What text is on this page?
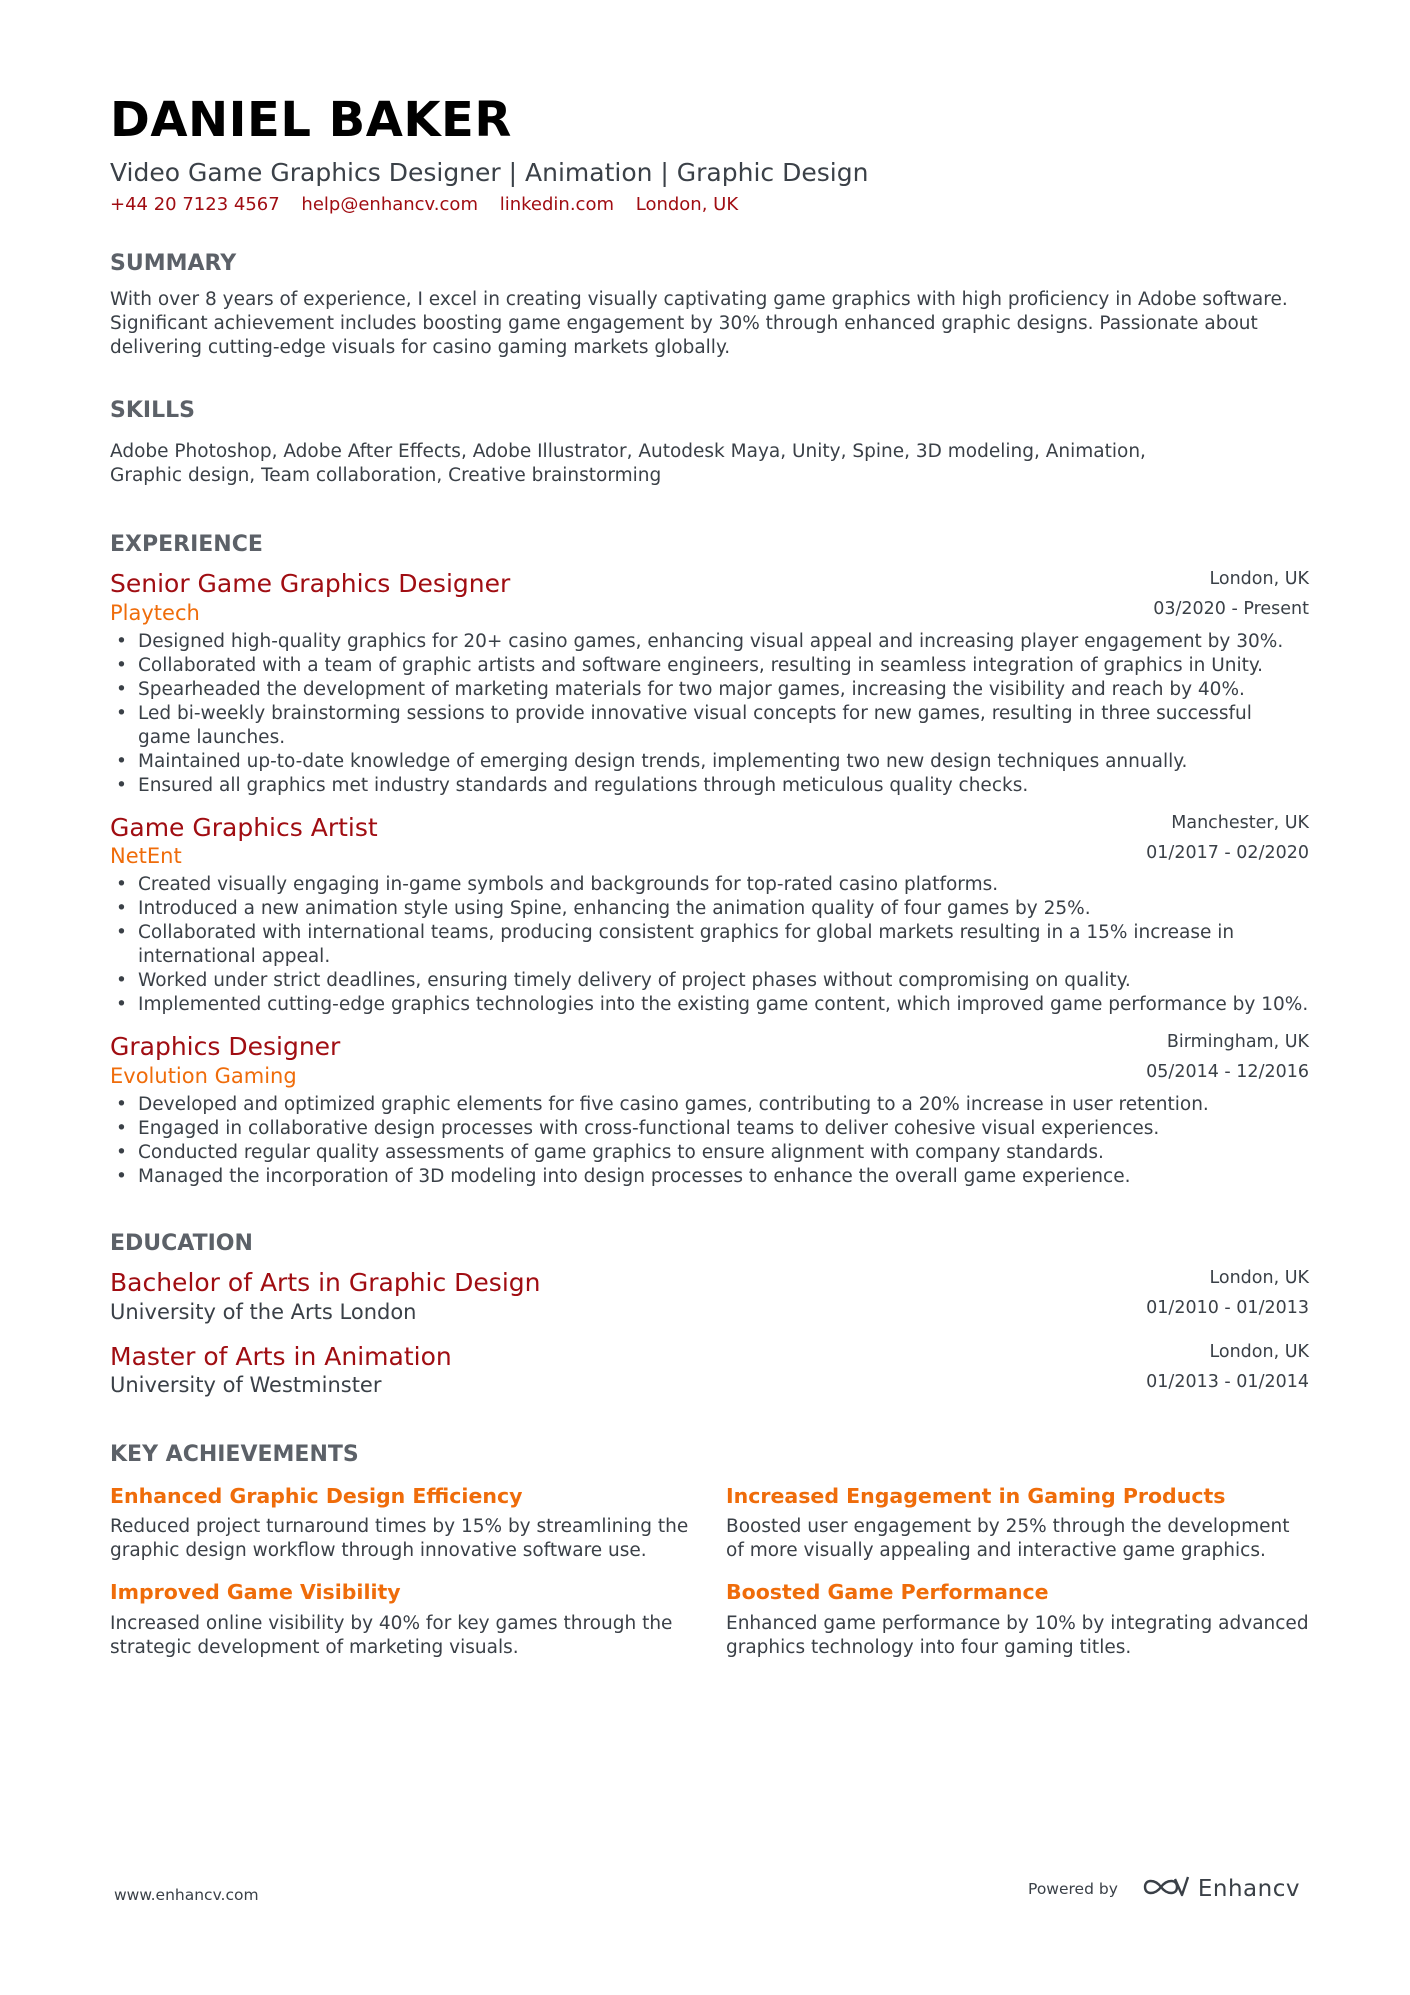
DANIEL BAKER
Video Game Graphics Designer | Animation | Graphic Design
+44 20 7123 4567 help@enhancv.com linkedin.com London, UK
SUMMARY
With over 8 years of experience, I excel in creating visually captivating game graphics with high proficiency in Adobe software.
Significant achievement includes boosting game engagement by 30% through enhanced graphic designs. Passionate about
delivering cutting-edge visuals for casino gaming markets globally.
SKILLS
Adobe Photoshop, Adobe After Effects, Adobe Illustrator, Autodesk Maya, Unity, Spine, 3D modeling, Animation,
Graphic design, Team collaboration, Creative brainstorming
EXPERIENCE
London, UK
03/2020 - Present
Senior Game Graphics Designer
Playtech
• Designed high-quality graphics for 20+ casino games, enhancing visual appeal and increasing player engagement by 30%.
• Collaborated with a team of graphic artists and software engineers, resulting in seamless integration of graphics in Unity.
• Spearheaded the development of marketing materials for two major games, increasing the visibility and reach by 40%.
• Led bi-weekly brainstorming sessions to provide innovative visual concepts for new games, resulting in three successful game launches.
• Maintained up-to-date knowledge of emerging design trends, implementing two new design techniques annually.
• Ensured all graphics met industry standards and regulations through meticulous quality checks.
Manchester, UK
01/2017 - 02/2020
Game Graphics Artist
NetEnt
• Created visually engaging in-game symbols and backgrounds for top-rated casino platforms.
• Introduced a new animation style using Spine, enhancing the animation quality of four games by 25%.
• Collaborated with international teams, producing consistent graphics for global markets resulting in a 15% increase in international appeal.
• Worked under strict deadlines, ensuring timely delivery of project phases without compromising on quality.
• Implemented cutting-edge graphics technologies into the existing game content, which improved game performance by 10%.
Birmingham, UK
05/2014 - 12/2016
Graphics Designer
Evolution Gaming
• Developed and optimized graphic elements for five casino games, contributing to a 20% increase in user retention.
• Engaged in collaborative design processes with cross-functional teams to deliver cohesive visual experiences.
• Conducted regular quality assessments of game graphics to ensure alignment with company standards.
• Managed the incorporation of 3D modeling into design processes to enhance the overall game experience.
EDUCATION
London, UK
01/2010 - 01/2013
Bachelor of Arts in Graphic Design
University of the Arts London
London, UK
01/2013 - 01/2014
Master of Arts in Animation
University of Westminster
KEY ACHIEVEMENTS
Enhanced Graphic Design Efficiency
Reduced project turnaround times by 15% by streamlining the
graphic design workflow through innovative software use.
Increased Engagement in Gaming Products
Boosted user engagement by 25% through the development
of more visually appealing and interactive game graphics.
Improved Game Visibility
Increased online visibility by 40% for key games through the
strategic development of marketing visuals.
Boosted Game Performance
Enhanced game performance by 10% by integrating advanced
graphics technology into four gaming titles.
www.enhancv.com	Powered by	Enhancv
